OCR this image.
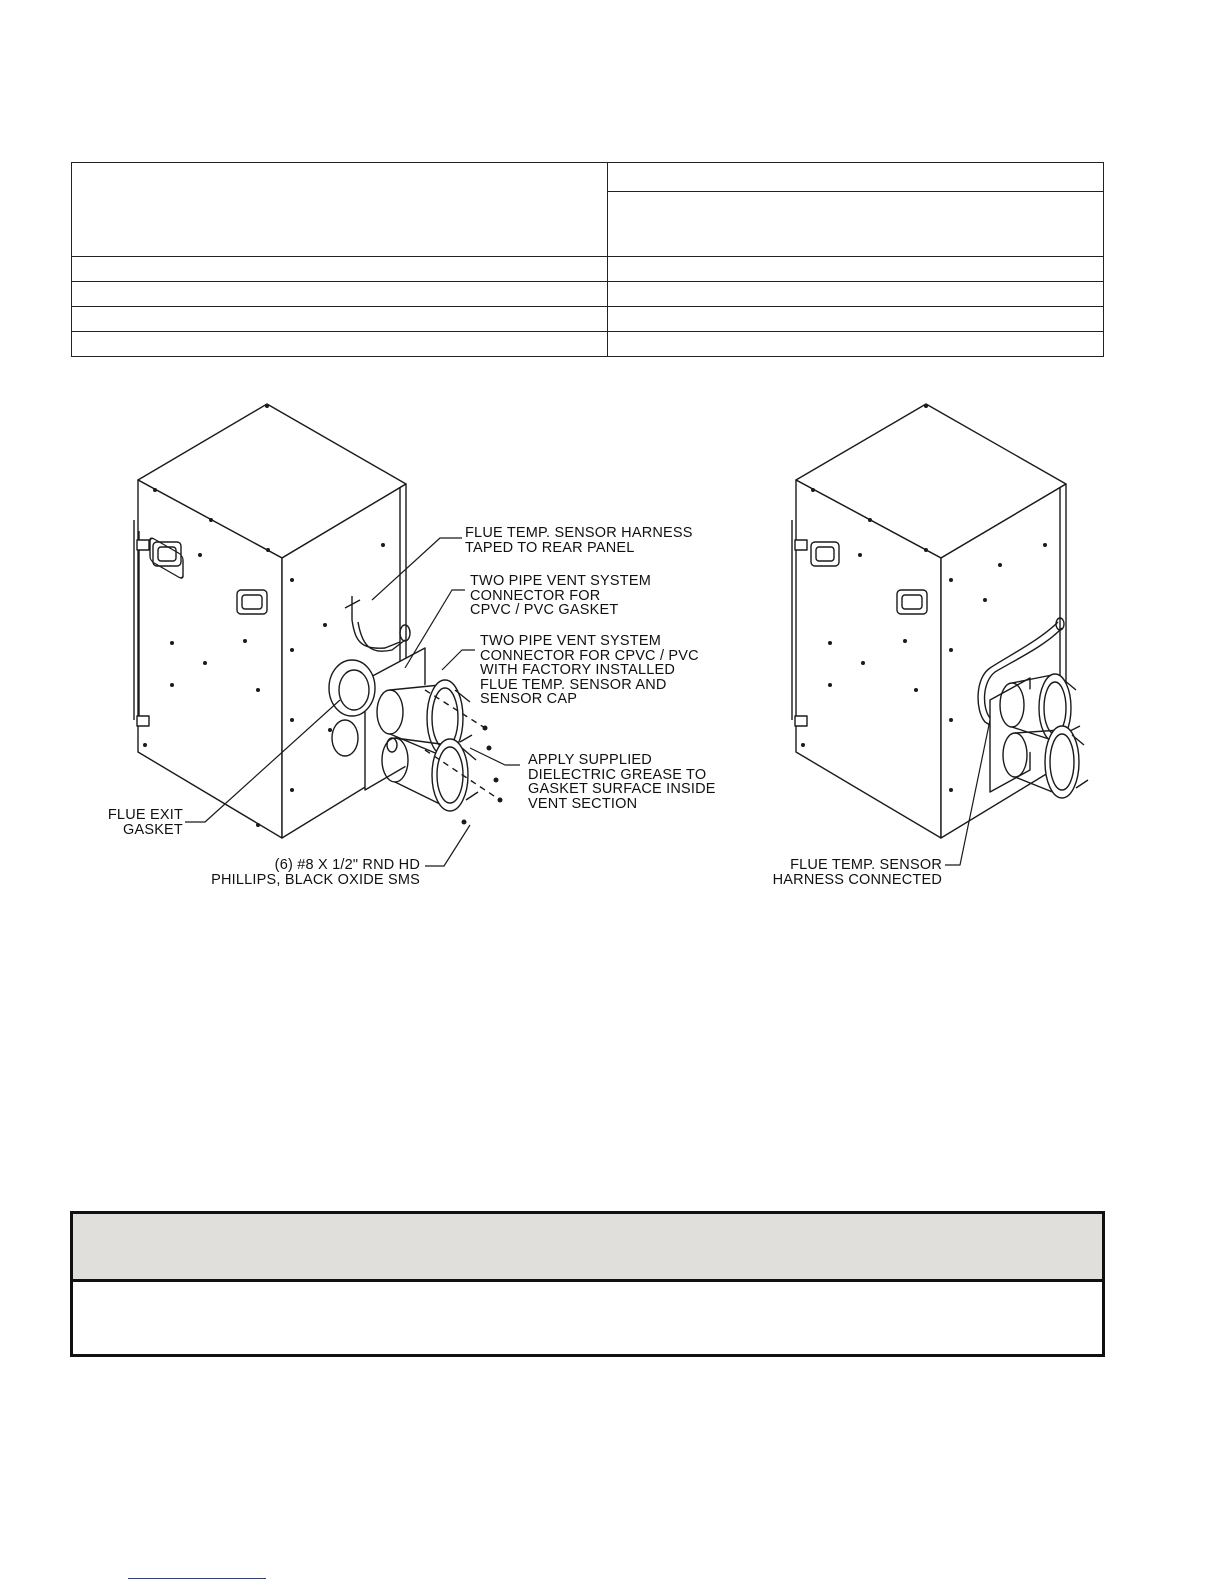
FLUE TEMP. SENSOR HARNESS
TAPED TO REAR PANEL

TWO PIPE VENT SYSTEM
CONNECTOR FOR
CPVC / PVC GASKET

TWO PIPE VENT SYSTEM
CONNECTOR FOR CPVC / PVC
WITH FACTORY INSTALLED
FLUE TEMP. SENSOR AND
SENSOR CAP

APPLY SUPPLIED
DIELECTRIC GREASE TO
GASKET SURFACE INSIDE
VENT SECTION

FLUE EXIT
GASKET

(6) #8 X 1/2" RND HD
PHILLIPS, BLACK OXIDE SMS

FLUE TEMP. SENSOR
HARNESS CONNECTED
